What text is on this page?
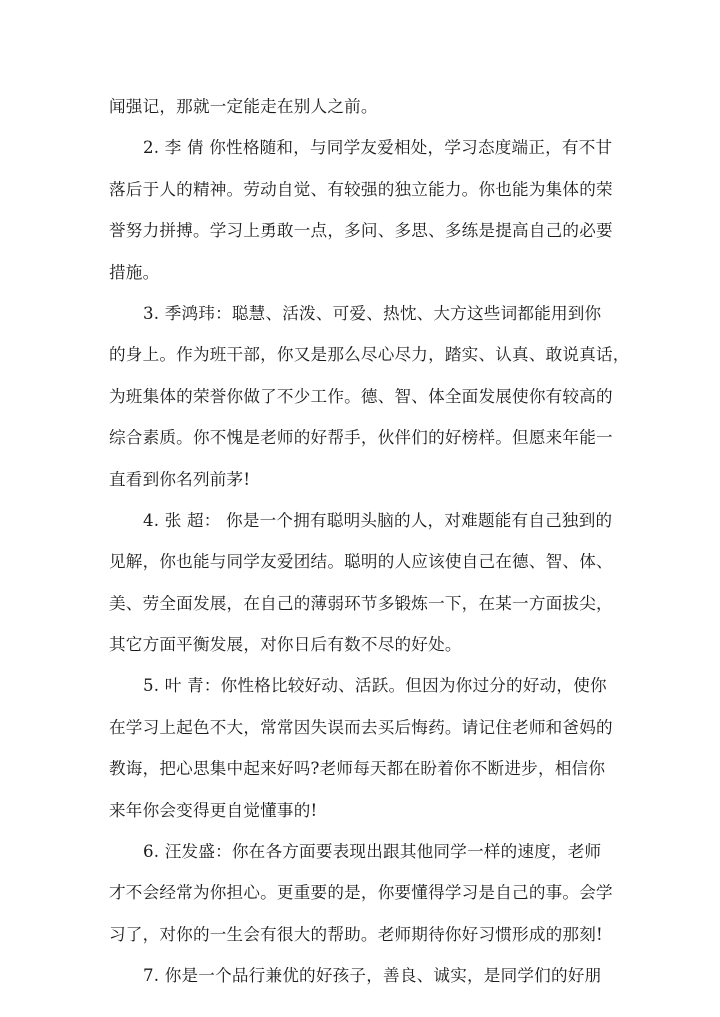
闻强记，那就一定能走在别人之前。
2. 李 倩 你性格随和，与同学友爱相处，学习态度端正，有不甘
落后于人的精神。劳动自觉、有较强的独立能力。你也能为集体的荣
誉努力拼搏。学习上勇敢一点，多问、多思、多练是提高自己的必要
措施。
3. 季鸿玮：聪慧、活泼、可爱、热忱、大方这些词都能用到你
的身上。作为班干部，你又是那么尽心尽力，踏实、认真、敢说真话，
为班集体的荣誉你做了不少工作。德、智、体全面发展使你有较高的
综合素质。你不愧是老师的好帮手，伙伴们的好榜样。但愿来年能一
直看到你名列前茅!
4. 张 超： 你是一个拥有聪明头脑的人，对难题能有自己独到的
见解，你也能与同学友爱团结。聪明的人应该使自己在德、智、体、
美、劳全面发展，在自己的薄弱环节多锻炼一下，在某一方面拔尖，
其它方面平衡发展，对你日后有数不尽的好处。
5. 叶 青：你性格比较好动、活跃。但因为你过分的好动，使你
在学习上起色不大，常常因失误而去买后悔药。请记住老师和爸妈的
教诲，把心思集中起来好吗?老师每天都在盼着你不断进步，相信你
来年你会变得更自觉懂事的!
6. 汪发盛：你在各方面要表现出跟其他同学一样的速度，老师
才不会经常为你担心。更重要的是，你要懂得学习是自己的事。会学
习了，对你的一生会有很大的帮助。老师期待你好习惯形成的那刻!
7. 你是一个品行兼优的好孩子，善良、诚实，是同学们的好朋
